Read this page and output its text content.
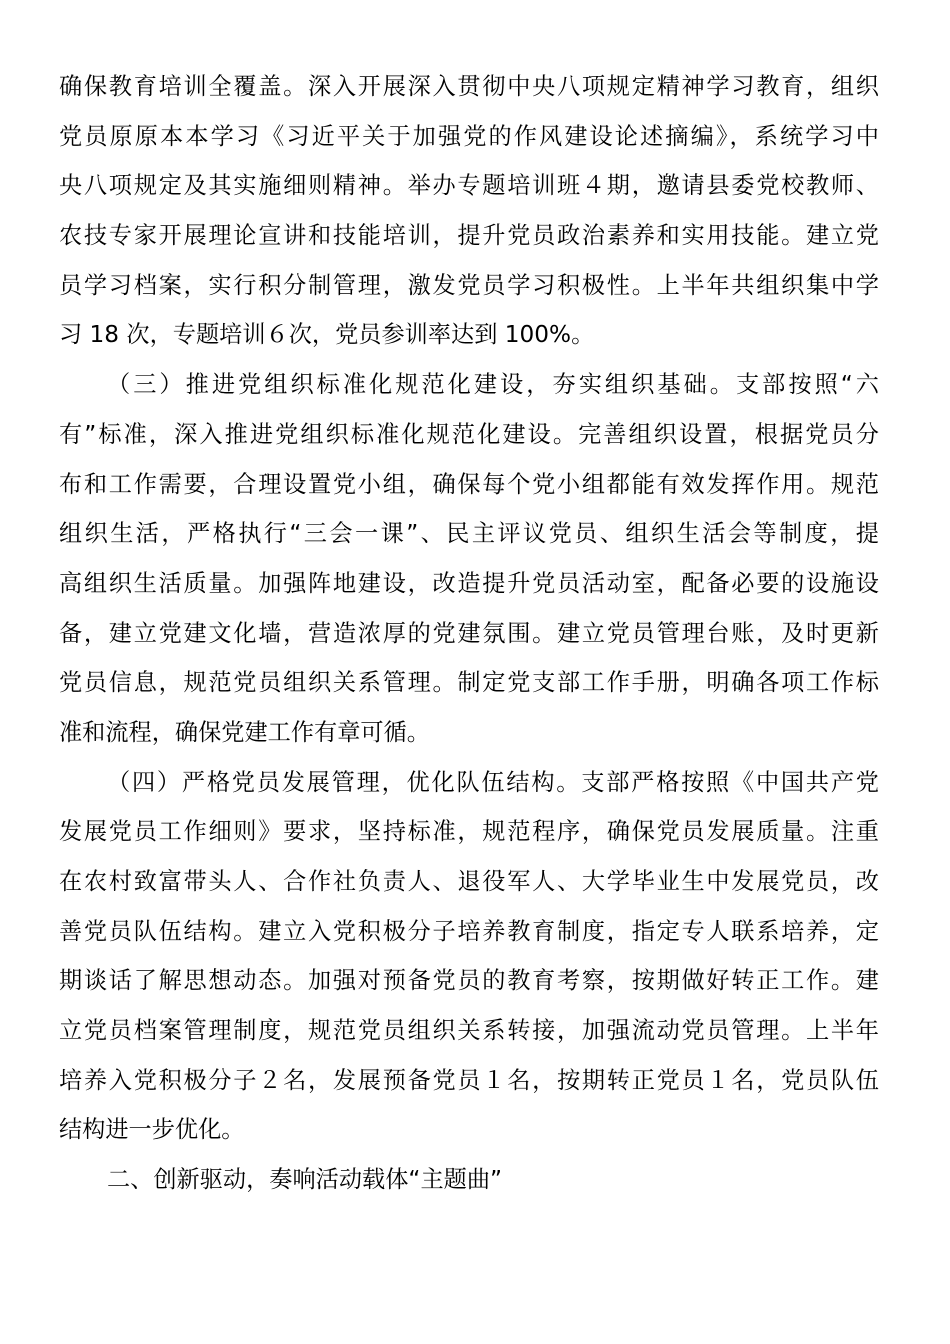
确保教育培训全覆盖。深入开展深入贯彻中央八项规定精神学习教育，组织
党员原原本本学习《习近平关于加强党的作风建设论述摘编》，系统学习中
央八项规定及其实施细则精神。举办专题培训班４期，邀请县委党校教师、
农技专家开展理论宣讲和技能培训，提升党员政治素养和实用技能。建立党
员学习档案，实行积分制管理，激发党员学习积极性。上半年共组织集中学
习 18 次，专题培训６次，党员参训率达到 100%。
（三）推进党组织标准化规范化建设，夯实组织基础。支部按照“六
有”标准，深入推进党组织标准化规范化建设。完善组织设置，根据党员分
布和工作需要，合理设置党小组，确保每个党小组都能有效发挥作用。规范
组织生活，严格执行“三会一课”、民主评议党员、组织生活会等制度，提
高组织生活质量。加强阵地建设，改造提升党员活动室，配备必要的设施设
备，建立党建文化墙，营造浓厚的党建氛围。建立党员管理台账，及时更新
党员信息，规范党员组织关系管理。制定党支部工作手册，明确各项工作标
准和流程，确保党建工作有章可循。
（四）严格党员发展管理，优化队伍结构。支部严格按照《中国共产党
发展党员工作细则》要求，坚持标准，规范程序，确保党员发展质量。注重
在农村致富带头人、合作社负责人、退役军人、大学毕业生中发展党员，改
善党员队伍结构。建立入党积极分子培养教育制度，指定专人联系培养，定
期谈话了解思想动态。加强对预备党员的教育考察，按期做好转正工作。建
立党员档案管理制度，规范党员组织关系转接，加强流动党员管理。上半年
培养入党积极分子２名，发展预备党员１名，按期转正党员１名，党员队伍
结构进一步优化。
二、创新驱动，奏响活动载体“主题曲”
